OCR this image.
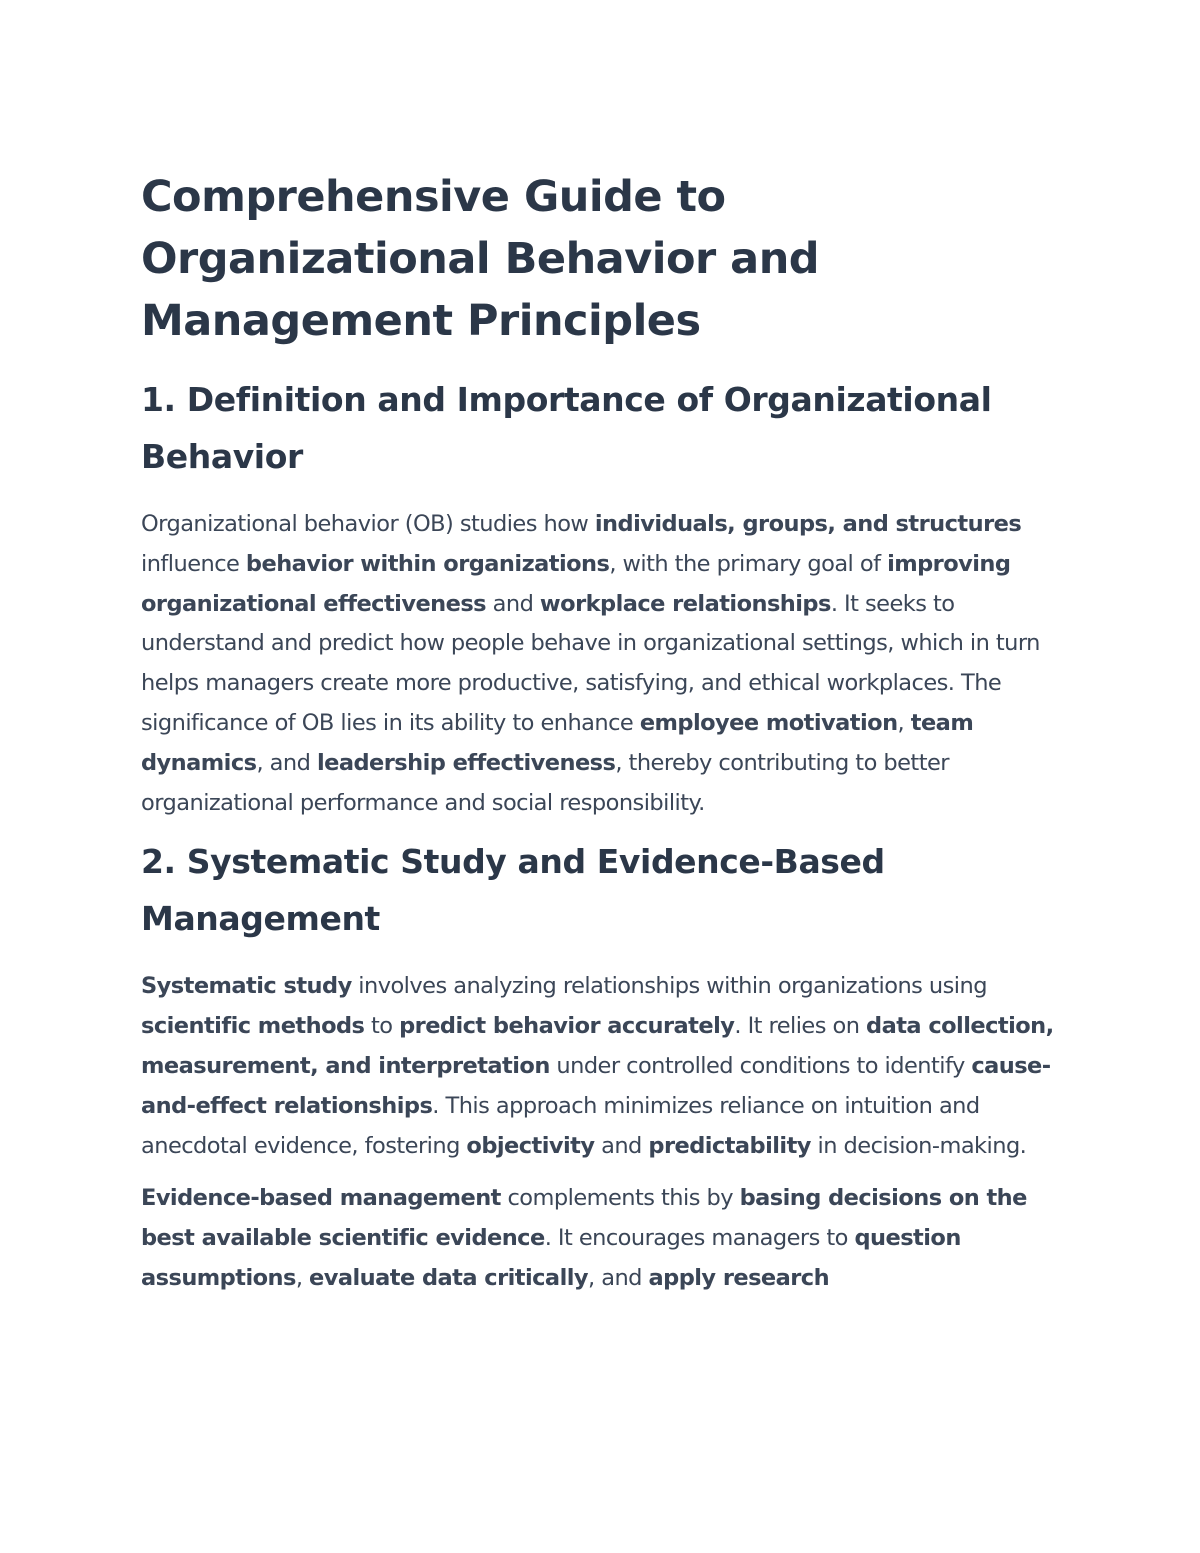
Comprehensive Guide to Organizational Behavior and Management Principles
1. Definition and Importance of Organizational Behavior

Organizational behavior (OB) studies how individuals, groups, and structures influence behavior within organizations, with the primary goal of improving organizational effectiveness and workplace relationships. It seeks to understand and predict how people behave in organizational settings, which in turn helps managers create more productive, satisfying, and ethical workplaces. The significance of OB lies in its ability to enhance employee motivation, team dynamics, and leadership effectiveness, thereby contributing to better organizational performance and social responsibility.

2. Systematic Study and Evidence-Based Management

Systematic study involves analyzing relationships within organizations using scientific methods to predict behavior accurately. It relies on data collection, measurement, and interpretation under controlled conditions to identify cause-and-effect relationships. This approach minimizes reliance on intuition and anecdotal evidence, fostering objectivity and predictability in decision-making.

Evidence-based management complements this by basing decisions on the best available scientific evidence. It encourages managers to question assumptions, evaluate data critically, and apply research
